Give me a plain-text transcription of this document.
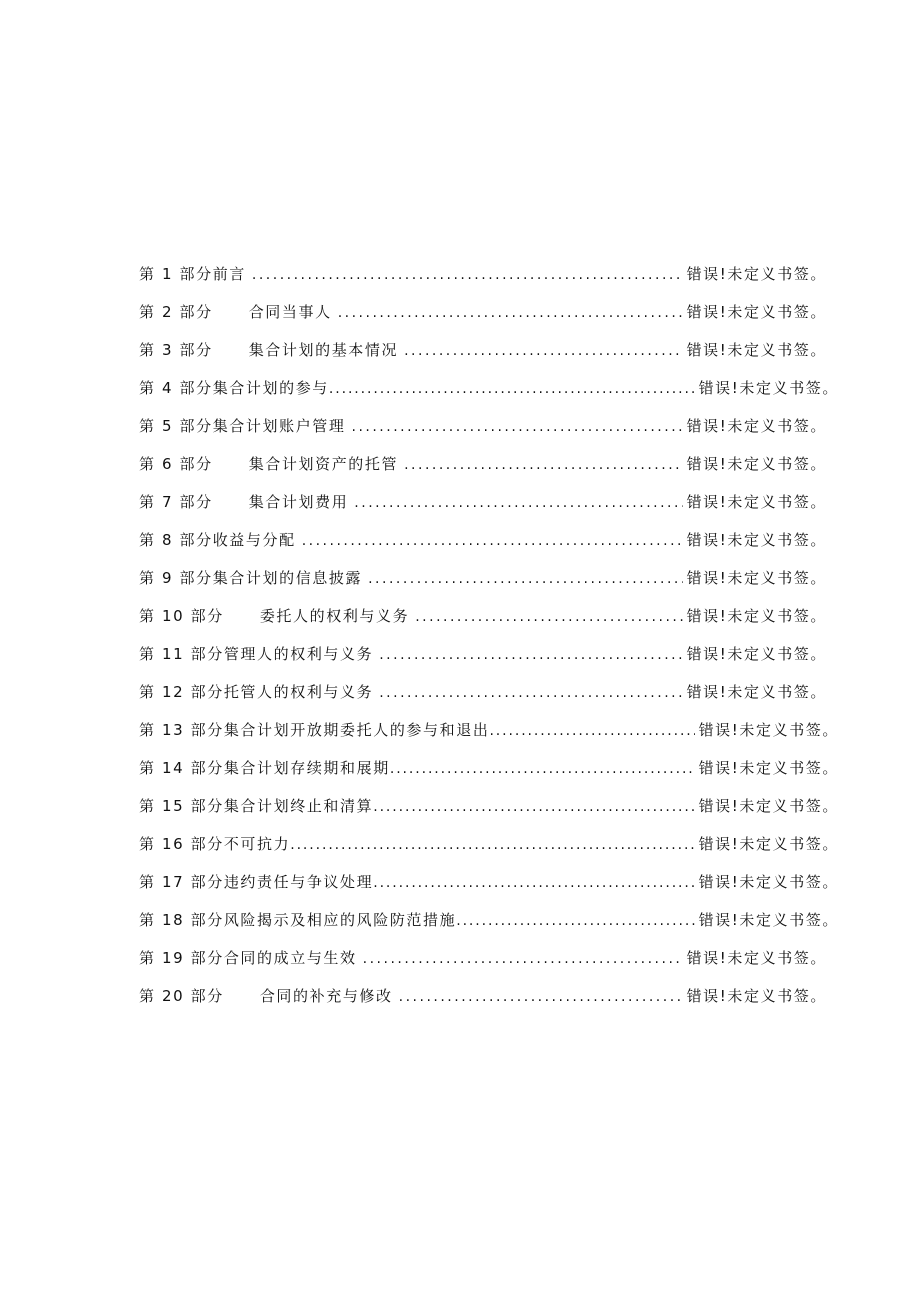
第 1 部分 前言 .....	错误!未定义书签。
第 2 部分 合同当事人 .....	错误!未定义书签。
第 3 部分 集合计划的基本情况 .....	错误!未定义书签。
第 4 部分 集合计划的参与 .....	错误!未定义书签。
第 5 部分 集合计划账户管理 .....	错误!未定义书签。
第 6 部分 集合计划资产的托管 .....	错误!未定义书签。
第 7 部分 集合计划费用 .....	错误!未定义书签。
第 8 部分 收益与分配 .....	错误!未定义书签。
第 9 部分 集合计划的信息披露 .....	错误!未定义书签。
第 10 部分 委托人的权利与义务 .....	错误!未定义书签。
第 11 部分 管理人的权利与义务 .....	错误!未定义书签。
第 12 部分 托管人的权利与义务 .....	错误!未定义书签。
第 13 部分 集合计划开放期委托人的参与和退出 .....	错误!未定义书签。
第 14 部分 集合计划存续期和展期 .....	错误!未定义书签。
第 15 部分 集合计划终止和清算 .....	错误!未定义书签。
第 16 部分 不可抗力 .....	错误!未定义书签。
第 17 部分 违约责任与争议处理 .....	错误!未定义书签。
第 18 部分 风险揭示及相应的风险防范措施 .....	错误!未定义书签。
第 19 部分 合同的成立与生效 .....	错误!未定义书签。
第 20 部分 合同的补充与修改 .....	错误!未定义书签。
